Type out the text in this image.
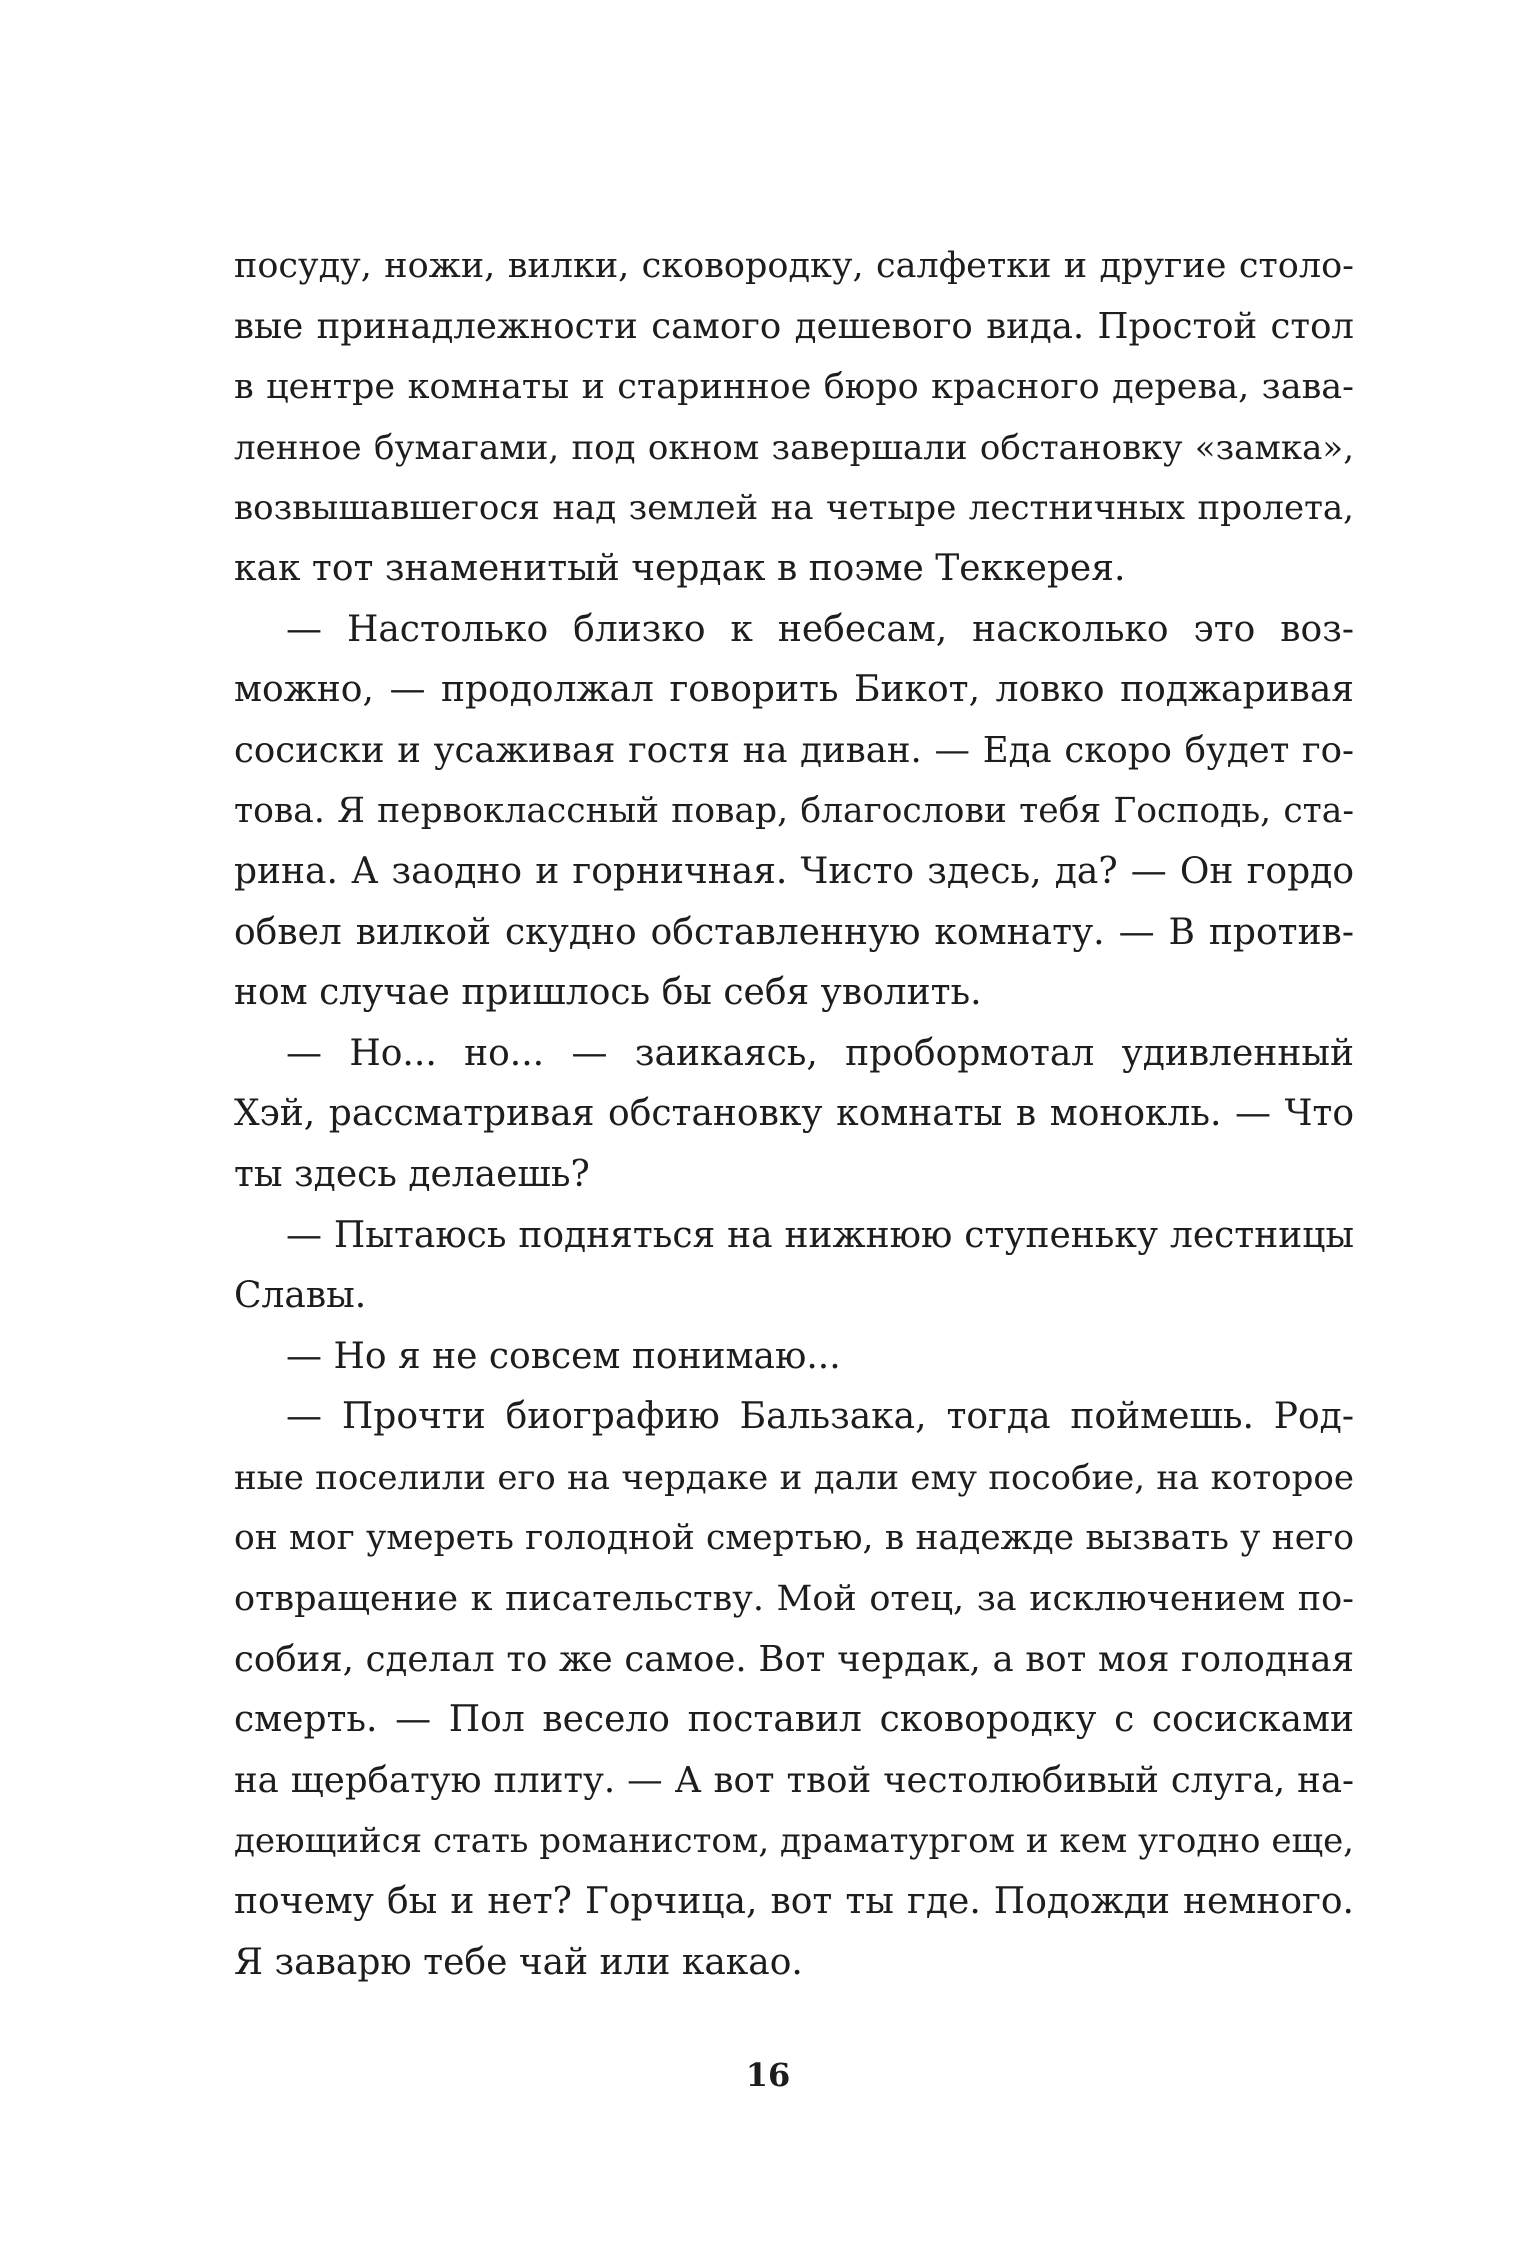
посуду, ножи, вилки, сковородку, салфетки и другие столо-
вые принадлежности самого дешевого вида. Простой стол
в центре комнаты и старинное бюро красного дерева, зава-
ленное бумагами, под окном завершали обстановку «замка»,
возвышавшегося над землей на четыре лестничных пролета,
как тот знаменитый чердак в поэме Теккерея.
— Настолько близко к небесам, насколько это воз-
можно, — продолжал говорить Бикот, ловко поджаривая
сосиски и усаживая гостя на диван. — Еда скоро будет го-
това. Я первоклассный повар, благослови тебя Господь, ста-
рина. А заодно и горничная. Чисто здесь, да? — Он гордо
обвел вилкой скудно обставленную комнату. — В против-
ном случае пришлось бы себя уволить.
— Но... но... — заикаясь, пробормотал удивленный
Хэй, рассматривая обстановку комнаты в монокль. — Что
ты здесь делаешь?
— Пытаюсь подняться на нижнюю ступеньку лестницы
Славы.
— Но я не совсем понимаю...
— Прочти биографию Бальзака, тогда поймешь. Род-
ные поселили его на чердаке и дали ему пособие, на которое
он мог умереть голодной смертью, в надежде вызвать у него
отвращение к писательству. Мой отец, за исключением по-
собия, сделал то же самое. Вот чердак, а вот моя голодная
смерть. — Пол весело поставил сковородку с сосисками
на щербатую плиту. — А вот твой честолюбивый слуга, на-
деющийся стать романистом, драматургом и кем угодно еще,
почему бы и нет? Горчица, вот ты где. Подожди немного.
Я заварю тебе чай или какао.
16
